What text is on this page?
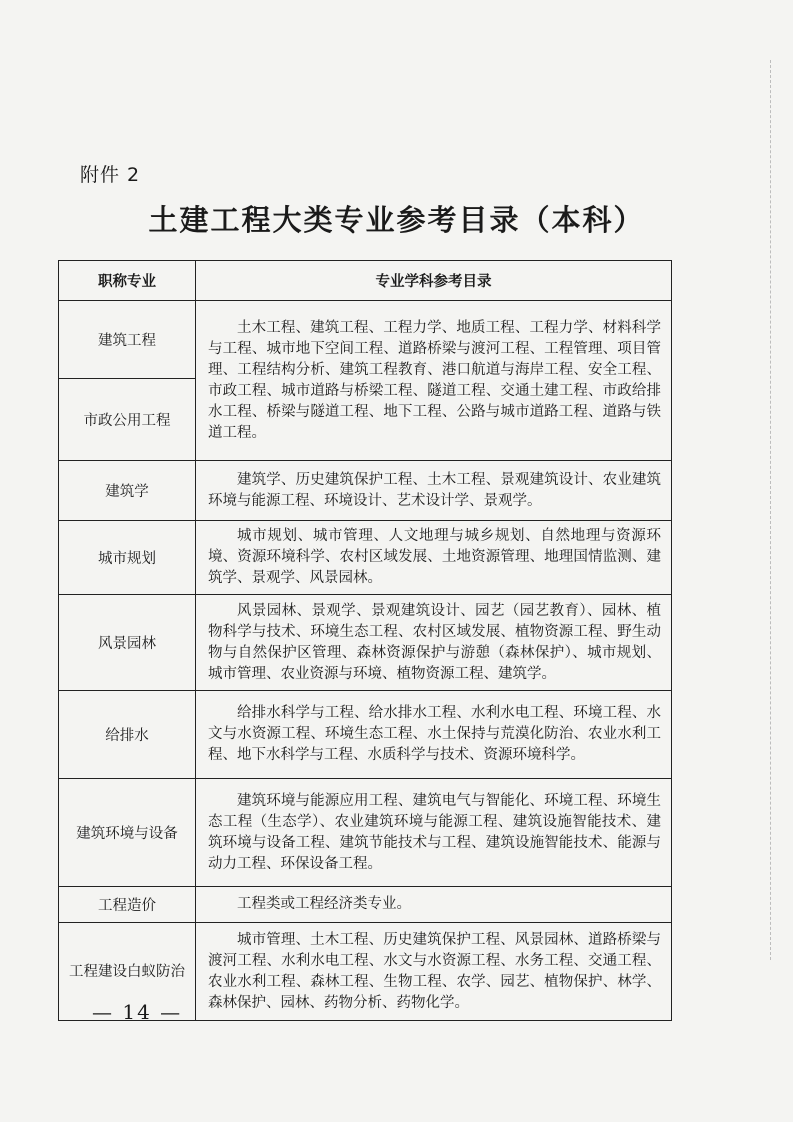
附件 2
土建工程大类专业参考目录（本科）
职称专业	专业学科参考目录
建筑工程	土木工程、建筑工程、工程力学、地质工程、工程力学、材料科学与工程、城市地下空间工程、道路桥梁与渡河工程、工程管理、项目管理、工程结构分析、建筑工程教育、港口航道与海岸工程、安全工程、市政工程、城市道路与桥梁工程、隧道工程、交通土建工程、市政给排水工程、桥梁与隧道工程、地下工程、公路与城市道路工程、道路与铁道工程。
市政公用工程	
建筑学	建筑学、历史建筑保护工程、土木工程、景观建筑设计、农业建筑环境与能源工程、环境设计、艺术设计学、景观学。
城市规划	城市规划、城市管理、人文地理与城乡规划、自然地理与资源环境、资源环境科学、农村区域发展、土地资源管理、地理国情监测、建筑学、景观学、风景园林。
风景园林	风景园林、景观学、景观建筑设计、园艺（园艺教育）、园林、植物科学与技术、环境生态工程、农村区域发展、植物资源工程、野生动物与自然保护区管理、森林资源保护与游憩（森林保护）、城市规划、城市管理、农业资源与环境、植物资源工程、建筑学。
给排水	给排水科学与工程、给水排水工程、水利水电工程、环境工程、水文与水资源工程、环境生态工程、水土保持与荒漠化防治、农业水利工程、地下水科学与工程、水质科学与技术、资源环境科学。
建筑环境与设备	建筑环境与能源应用工程、建筑电气与智能化、环境工程、环境生态工程（生态学）、农业建筑环境与能源工程、建筑设施智能技术、建筑环境与设备工程、建筑节能技术与工程、建筑设施智能技术、能源与动力工程、环保设备工程。
工程造价	工程类或工程经济类专业。
工程建设白蚁防治	城市管理、土木工程、历史建筑保护工程、风景园林、道路桥梁与渡河工程、水利水电工程、水文与水资源工程、水务工程、交通工程、农业水利工程、森林工程、生物工程、农学、园艺、植物保护、林学、森林保护、园林、药物分析、药物化学。
— 14 —
